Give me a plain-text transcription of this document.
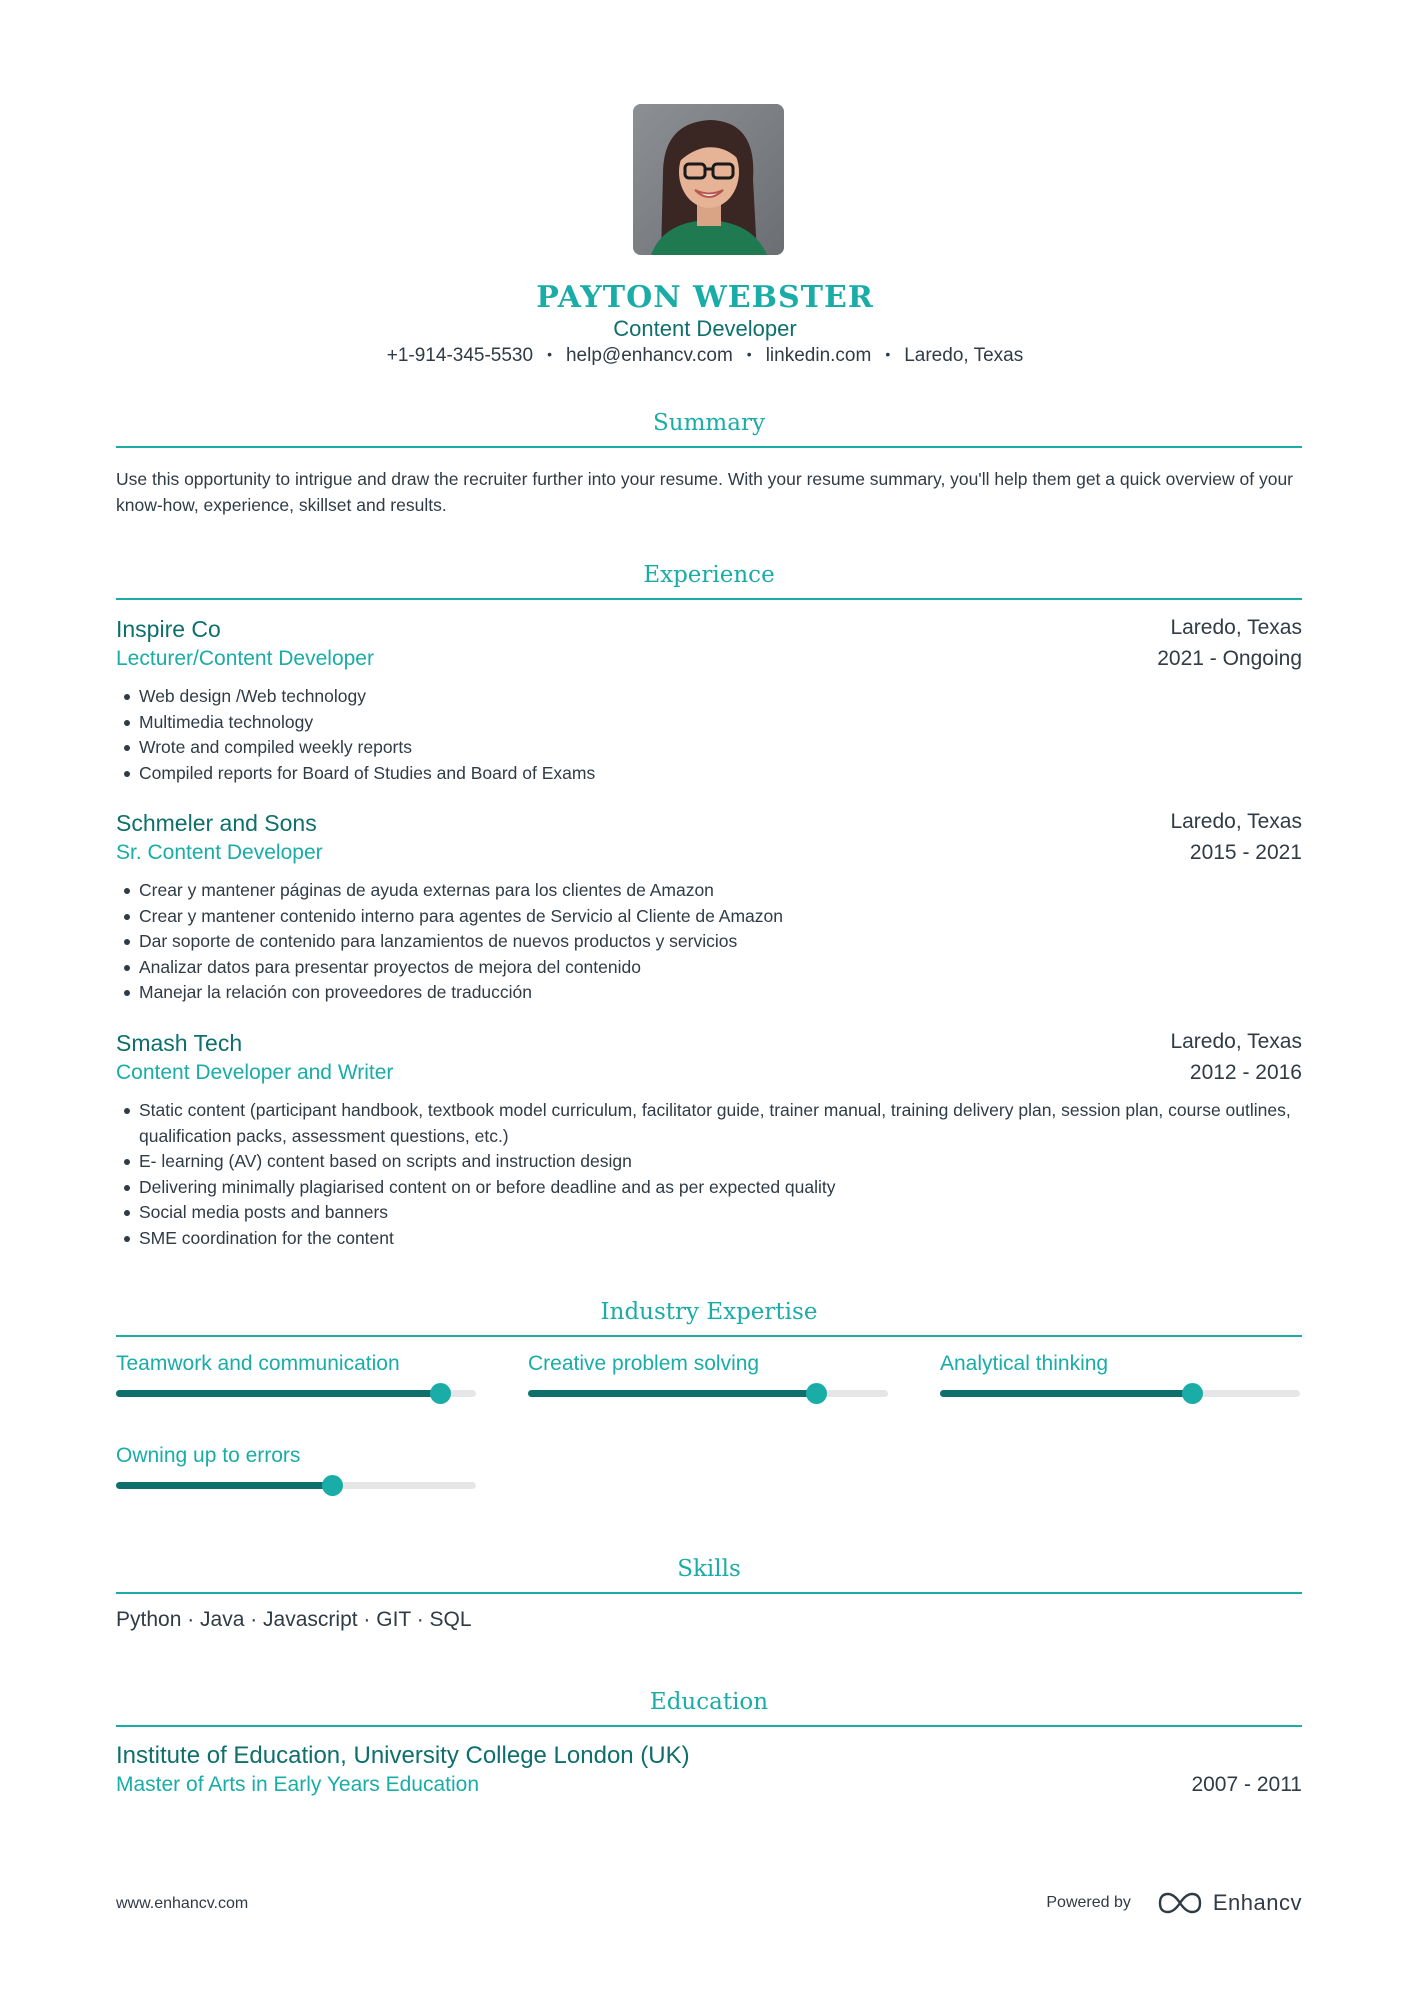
PAYTON WEBSTER
Content Developer
+1-914-345-5530 • help@enhancv.com • linkedin.com • Laredo, Texas
Summary
Use this opportunity to intrigue and draw the recruiter further into your resume. With your resume summary, you'll help them get a quick overview of your know-how, experience, skillset and results.
Experience
Inspire Co	Laredo, Texas
Lecturer/Content Developer	2021 - Ongoing
Web design /Web technology
Multimedia technology
Wrote and compiled weekly reports
Compiled reports for Board of Studies and Board of Exams
Schmeler and Sons	Laredo, Texas
Sr. Content Developer	2015 - 2021
Crear y mantener páginas de ayuda externas para los clientes de Amazon
Crear y mantener contenido interno para agentes de Servicio al Cliente de Amazon
Dar soporte de contenido para lanzamientos de nuevos productos y servicios
Analizar datos para presentar proyectos de mejora del contenido
Manejar la relación con proveedores de traducción
Smash Tech	Laredo, Texas
Content Developer and Writer	2012 - 2016
Static content (participant handbook, textbook model curriculum, facilitator guide, trainer manual, training delivery plan, session plan, course outlines, qualification packs, assessment questions, etc.)
E- learning (AV) content based on scripts and instruction design
Delivering minimally plagiarised content on or before deadline and as per expected quality
Social media posts and banners
SME coordination for the content
Industry Expertise
Teamwork and communication	Creative problem solving	Analytical thinking
Owning up to errors
Skills
Python · Java · Javascript · GIT · SQL
Education
Institute of Education, University College London (UK)
Master of Arts in Early Years Education	2007 - 2011
www.enhancv.com	Powered by	Enhancv
